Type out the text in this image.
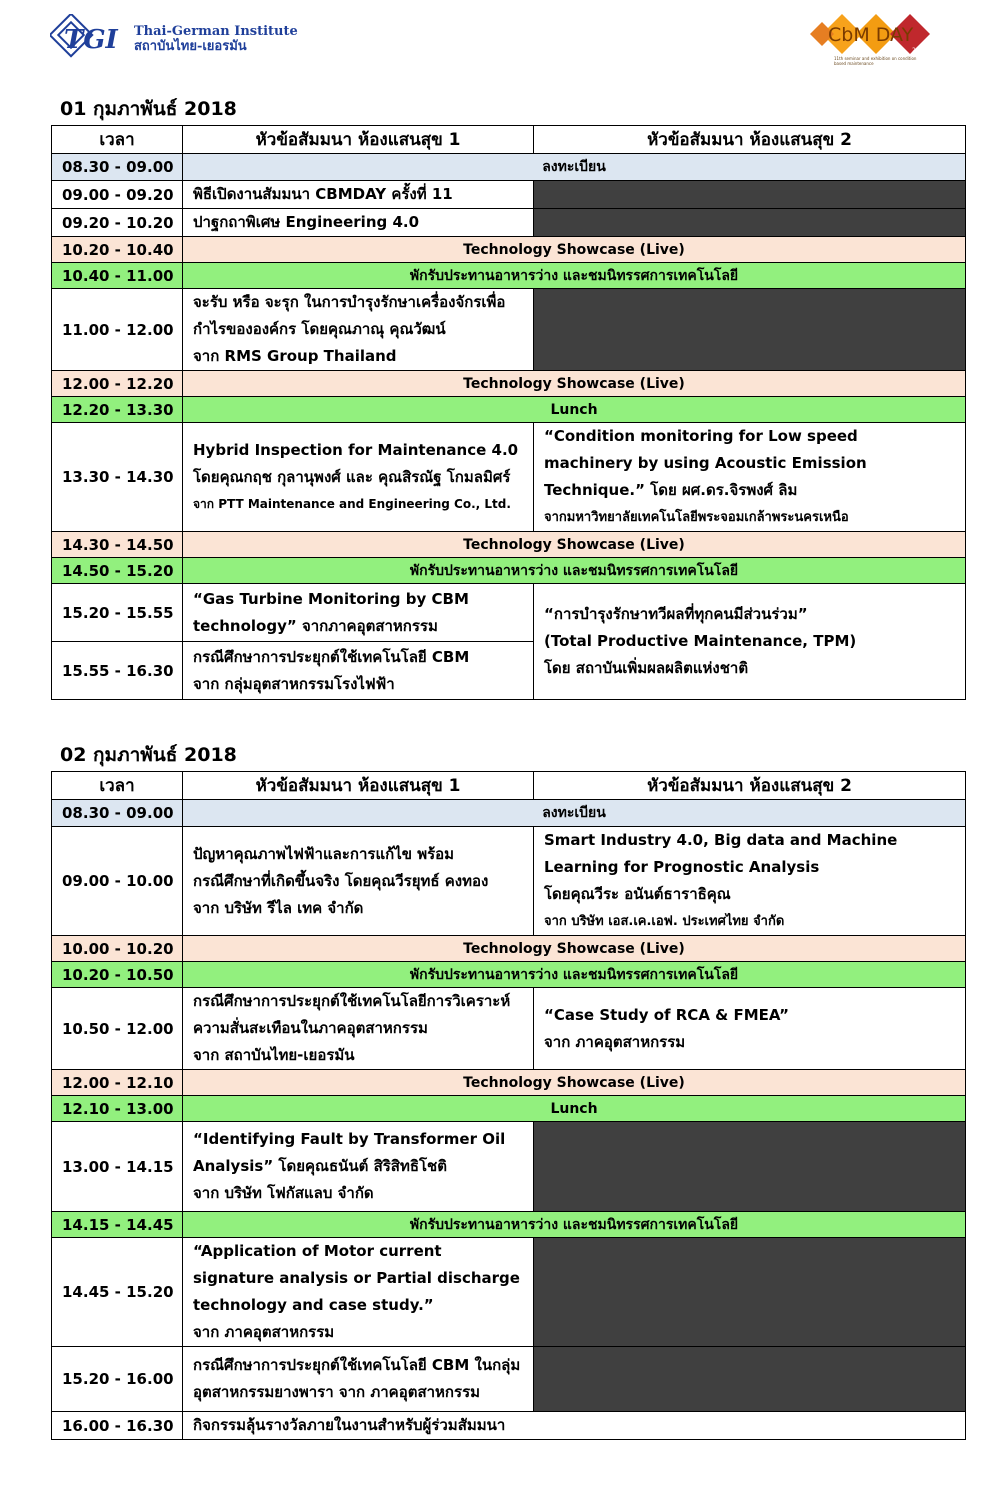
TGI Thai-German Institute
สถาบันไทย-เยอรมัน
CbM DAY
2018
11th seminar and exhibition on condition based maintenance
01 กุมภาพันธ์ 2018
เวลา	หัวข้อสัมมนา ห้องแสนสุข 1	หัวข้อสัมมนา ห้องแสนสุข 2
08.30 - 09.00	ลงทะเบียน	
09.00 - 09.20	พิธีเปิดงานสัมมนา CBMDAY ครั้งที่ 11	

09.20 - 10.20	ปาฐกถาพิเศษ Engineering 4.0	

10.20 - 10.40	Technology Showcase (Live)	
10.40 - 11.00	พักรับประทานอาหารว่าง และชมนิทรรศการเทคโนโลยี	
11.00 - 12.00	จะรับ หรือ จะรุก ในการบำรุงรักษาเครื่องจักรเพื่อ
กำไรขององค์กร โดยคุณภาณุ คุณวัฒน์
จาก RMS Group Thailand	

12.00 - 12.20	Technology Showcase (Live)	
12.20 - 13.30	Lunch	
13.30 - 14.30	Hybrid Inspection for Maintenance 4.0
โดยคุณกฤช กุลานุพงศ์ และ คุณสิรณัฐ โกมลมิศร์
จาก PTT Maintenance and Engineering Co., Ltd.	“Condition monitoring for Low speed
machinery by using Acoustic Emission
Technique.” โดย ผศ.ดร.จิรพงศ์ ลิม
จากมหาวิทยาลัยเทคโนโลยีพระจอมเกล้าพระนครเหนือ

14.30 - 14.50	Technology Showcase (Live)	
14.50 - 15.20	พักรับประทานอาหารว่าง และชมนิทรรศการเทคโนโลยี	
15.20 - 15.55	“Gas Turbine Monitoring by CBM
technology” จากภาคอุตสาหกรรม	“การบำรุงรักษาทวีผลที่ทุกคนมีส่วนร่วม”
(Total Productive Maintenance, TPM)
โดย สถาบันเพิ่มผลผลิตแห่งชาติ

15.55 - 16.30	กรณีศึกษาการประยุกต์ใช้เทคโนโลยี CBM
จาก กลุ่มอุตสาหกรรมโรงไฟฟ้า	
02 กุมภาพันธ์ 2018
เวลา	หัวข้อสัมมนา ห้องแสนสุข 1	หัวข้อสัมมนา ห้องแสนสุข 2
08.30 - 09.00	ลงทะเบียน	
09.00 - 10.00	ปัญหาคุณภาพไฟฟ้าและการแก้ไข พร้อม
กรณีศึกษาที่เกิดขึ้นจริง โดยคุณวีรยุทธ์ คงทอง
จาก บริษัท รีไล เทค จำกัด	Smart Industry 4.0, Big data and Machine
Learning for Prognostic Analysis
โดยคุณวีระ อนันต์ธาราธิคุณ
จาก บริษัท เอส.เค.เอฟ. ประเทศไทย จำกัด

10.00 - 10.20	Technology Showcase (Live)	
10.20 - 10.50	พักรับประทานอาหารว่าง และชมนิทรรศการเทคโนโลยี	
10.50 - 12.00	กรณีศึกษาการประยุกต์ใช้เทคโนโลยีการวิเคราะห์
ความสั่นสะเทือนในภาคอุตสาหกรรม
จาก สถาบันไทย-เยอรมัน	“Case Study of RCA & FMEA”
จาก ภาคอุตสาหกรรม

12.00 - 12.10	Technology Showcase (Live)	
12.10 - 13.00	Lunch	
13.00 - 14.15	“Identifying Fault by Transformer Oil
Analysis” โดยคุณธนันต์ สิริสิทธิโชติ
จาก บริษัท โฟกัสแลบ จำกัด	

14.15 - 14.45	พักรับประทานอาหารว่าง และชมนิทรรศการเทคโนโลยี	
14.45 - 15.20	“Application of Motor current
signature analysis or Partial discharge
technology and case study.”
จาก ภาคอุตสาหกรรม	

15.20 - 16.00	กรณีศึกษาการประยุกต์ใช้เทคโนโลยี CBM ในกลุ่ม
อุตสาหกรรมยางพารา จาก ภาคอุตสาหกรรม	

16.00 - 16.30	กิจกรรมลุ้นรางวัลภายในงานสำหรับผู้ร่วมสัมมนา	
